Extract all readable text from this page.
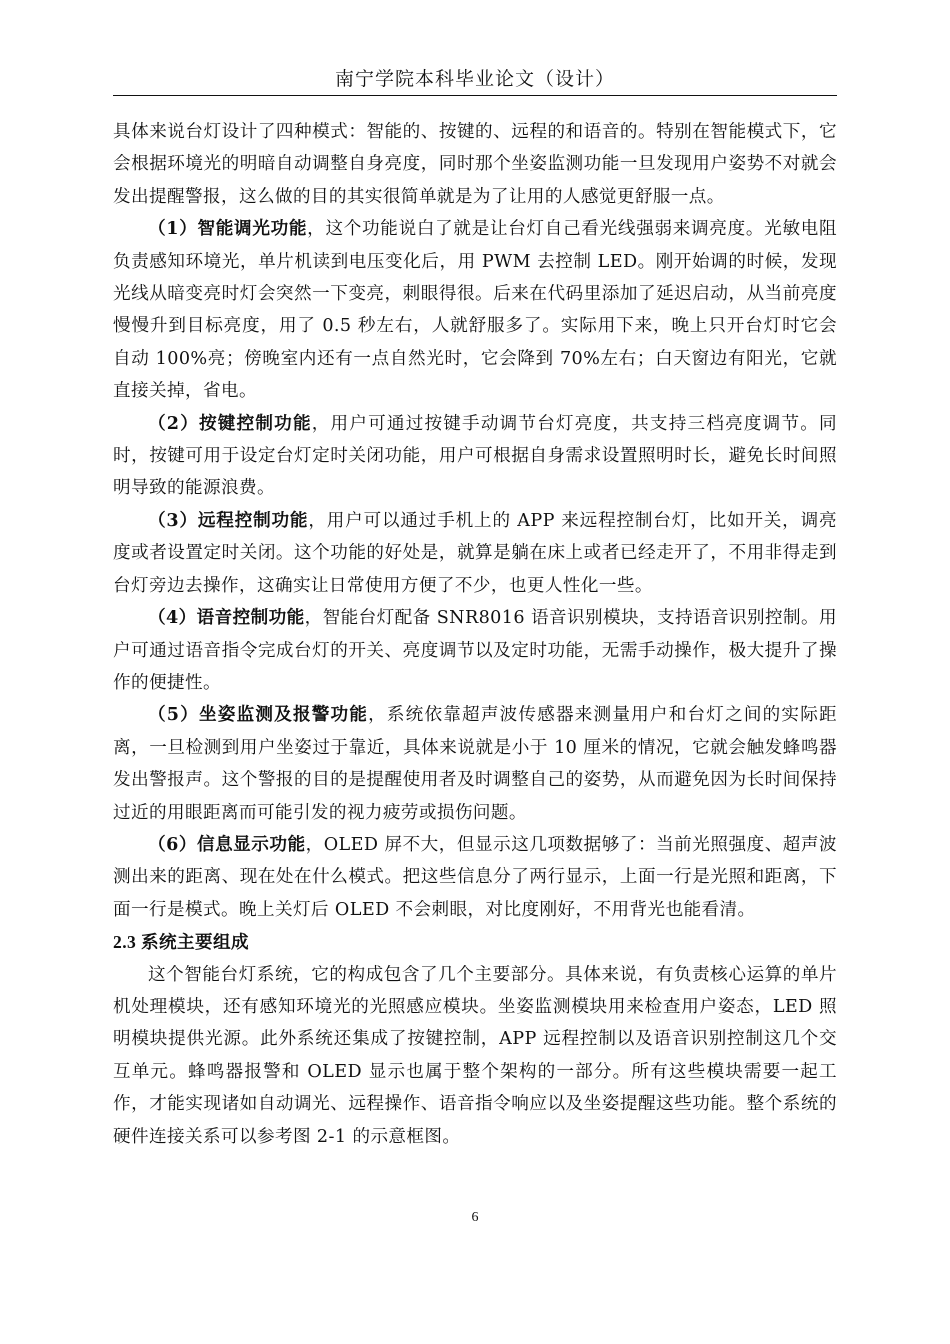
南宁学院本科毕业论文（设计）

具体来说台灯设计了四种模式：智能的、按键的、远程的和语音的。特别在智能模式下，它会根据环境光的明暗自动调整自身亮度，同时那个坐姿监测功能一旦发现用户姿势不对就会发出提醒警报，这么做的目的其实很简单就是为了让用的人感觉更舒服一点。

（1）智能调光功能，这个功能说白了就是让台灯自己看光线强弱来调亮度。光敏电阻负责感知环境光，单片机读到电压变化后，用 PWM 去控制 LED。刚开始调的时候，发现光线从暗变亮时灯会突然一下变亮，刺眼得很。后来在代码里添加了延迟启动，从当前亮度慢慢升到目标亮度，用了 0.5 秒左右，人就舒服多了。实际用下来，晚上只开台灯时它会自动 100%亮；傍晚室内还有一点自然光时，它会降到 70%左右；白天窗边有阳光，它就直接关掉，省电。

（2）按键控制功能，用户可通过按键手动调节台灯亮度，共支持三档亮度调节。同时，按键可用于设定台灯定时关闭功能，用户可根据自身需求设置照明时长，避免长时间照明导致的能源浪费。

（3）远程控制功能，用户可以通过手机上的 APP 来远程控制台灯，比如开关，调亮度或者设置定时关闭。这个功能的好处是，就算是躺在床上或者已经走开了，不用非得走到台灯旁边去操作，这确实让日常使用方便了不少，也更人性化一些。

（4）语音控制功能，智能台灯配备 SNR8016 语音识别模块，支持语音识别控制。用户可通过语音指令完成台灯的开关、亮度调节以及定时功能，无需手动操作，极大提升了操作的便捷性。

（5）坐姿监测及报警功能，系统依靠超声波传感器来测量用户和台灯之间的实际距离，一旦检测到用户坐姿过于靠近，具体来说就是小于 10 厘米的情况，它就会触发蜂鸣器发出警报声。这个警报的目的是提醒使用者及时调整自己的姿势，从而避免因为长时间保持过近的用眼距离而可能引发的视力疲劳或损伤问题。

（6）信息显示功能，OLED 屏不大，但显示这几项数据够了：当前光照强度、超声波测出来的距离、现在处在什么模式。把这些信息分了两行显示，上面一行是光照和距离，下面一行是模式。晚上关灯后 OLED 不会刺眼，对比度刚好，不用背光也能看清。

2.3 系统主要组成

这个智能台灯系统，它的构成包含了几个主要部分。具体来说，有负责核心运算的单片机处理模块，还有感知环境光的光照感应模块。坐姿监测模块用来检查用户姿态，LED 照明模块提供光源。此外系统还集成了按键控制，APP 远程控制以及语音识别控制这几个交互单元。蜂鸣器报警和 OLED 显示也属于整个架构的一部分。所有这些模块需要一起工作，才能实现诸如自动调光、远程操作、语音指令响应以及坐姿提醒这些功能。整个系统的硬件连接关系可以参考图 2-1 的示意框图。

6
